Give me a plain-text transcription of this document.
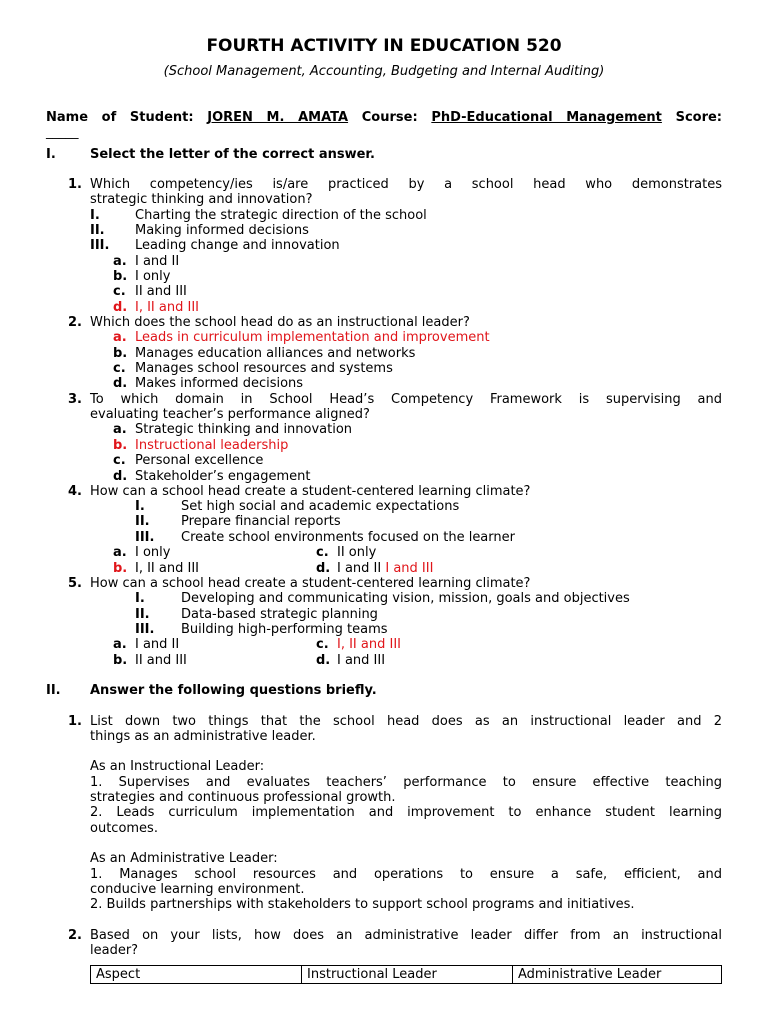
FOURTH ACTIVITY IN EDUCATION 520
(School Management, Accounting, Budgeting and Internal Auditing)
Name of Student: JOREN M. AMATA Course: PhD-Educational Management Score:
_____
I.	Select the letter of the correct answer.
1. Which competency/ies is/are practiced by a school head who demonstrates
strategic thinking and innovation?
I.	Charting the strategic direction of the school
II. Making informed decisions
III. Leading change and innovation
a. I and II
b. I only
c. II and III
d. I, II and III
2. Which does the school head do as an instructional leader?
a. Leads in curriculum implementation and improvement
b. Manages education alliances and networks
c. Manages school resources and systems
d. Makes informed decisions
3. To which domain in School Head’s Competency Framework is supervising and
evaluating teacher’s performance aligned?
a. Strategic thinking and innovation
b. Instructional leadership
c. Personal excellence
d. Stakeholder’s engagement
4. How can a school head create a student-centered learning climate?
I.	Set high social and academic expectations
II. Prepare financial reports
III. Create school environments focused on the learner
a. I only	c. II only
b. I, II and III	d. I and II I and III
5. How can a school head create a student-centered learning climate?
I.	Developing and communicating vision, mission, goals and objectives
III.
II. Data-based strategic planning
Building high-performing teams
a. I and II	c. I, II and III
b. II and III	d. I and III
II. Answer the following questions briefly.
1. List down two things that the school head does as an instructional leader and 2
things as an administrative leader.
As an Instructional Leader:
1. Supervises and evaluates teachers’ performance to ensure effective teaching
strategies and continuous professional growth.
2. Leads curriculum implementation and improvement to enhance student learning
outcomes.
As an Administrative Leader:
1. Manages school resources and operations to ensure a safe, efficient, and
conducive learning environment.
2. Builds partnerships with stakeholders to support school programs and initiatives.
2. Based on your lists, how does an administrative leader differ from an instructional
leader?
Aspect	Instructional Leader	Administrative Leader
